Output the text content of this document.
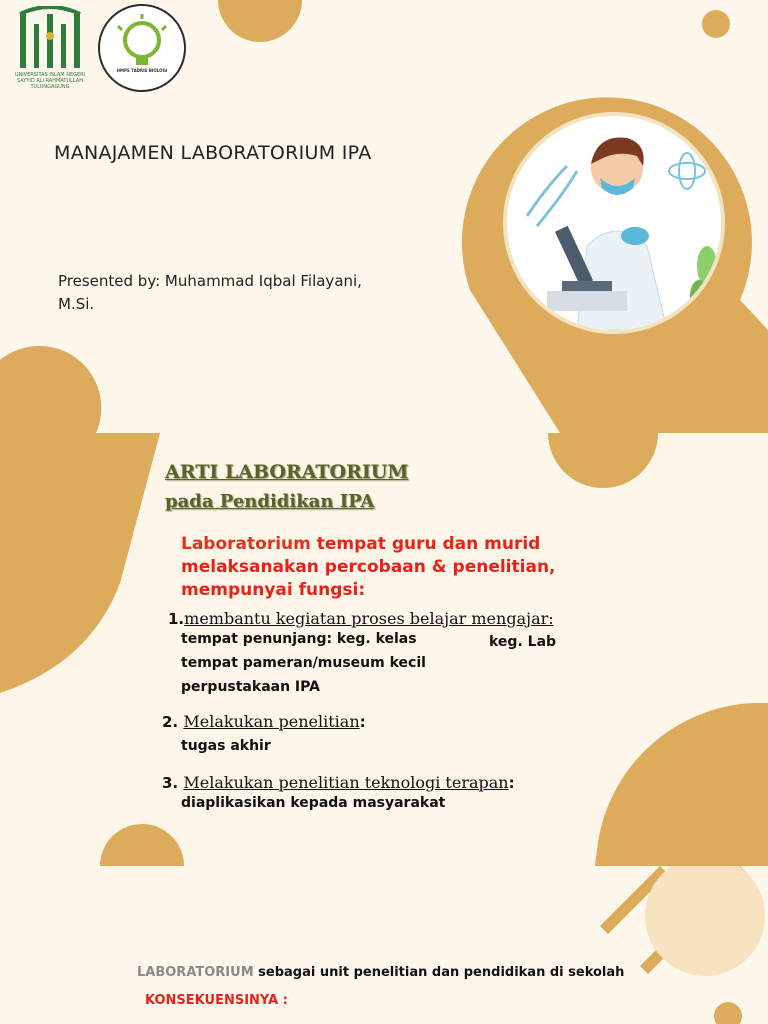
UNIVERSITAS ISLAM NEGERI SAYYID ALI RAHMATULLAH TULUNGAGUNG
HMPS TADRIS BIOLOGI
MANAJAMEN LABORATORIUM IPA
Presented by: Muhammad Iqbal Filayani, M.Si.
ARTI LABORATORIUM
pada Pendidikan IPA
Laboratorium tempat guru dan murid melaksanakan percobaan & penelitian, mempunyai fungsi:
1.membantu kegiatan proses belajar mengajar:
tempat penunjang: keg. kelas	keg. Lab
tempat pameran/museum kecil
perpustakaan IPA
2. Melakukan penelitian:
tugas akhir
3. Melakukan penelitian teknologi terapan:
diaplikasikan kepada masyarakat
LABORATORIUM sebagai unit penelitian dan pendidikan di sekolah
KONSEKUENSINYA :
